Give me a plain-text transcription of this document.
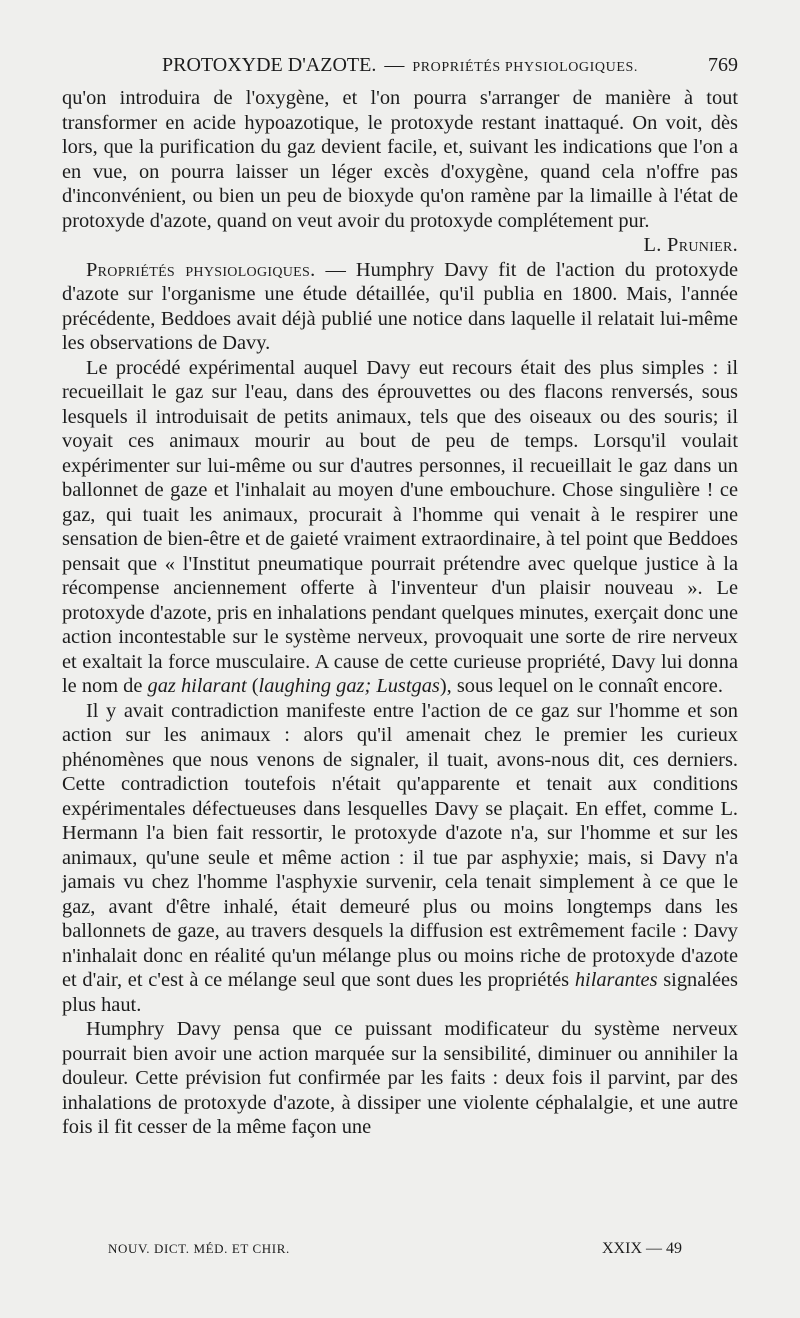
PROTOXYDE D'AZOTE. — PROPRIÉTÉS PHYSIOLOGIQUES.	769

qu'on introduira de l'oxygène, et l'on pourra s'arranger de manière à tout transformer en acide hypoazotique, le protoxyde restant inattaqué. On voit, dès lors, que la purification du gaz devient facile, et, suivant les indications que l'on a en vue, on pourra laisser un léger excès d'oxygène, quand cela n'offre pas d'inconvénient, ou bien un peu de bioxyde qu'on ramène par la limaille à l'état de protoxyde d'azote, quand on veut avoir du protoxyde complétement pur.
L. Prunier.

Propriétés physiologiques. — Humphry Davy fit de l'action du protoxyde d'azote sur l'organisme une étude détaillée, qu'il publia en 1800. Mais, l'année précédente, Beddoes avait déjà publié une notice dans laquelle il relatait lui-même les observations de Davy.

Le procédé expérimental auquel Davy eut recours était des plus simples : il recueillait le gaz sur l'eau, dans des éprouvettes ou des flacons renversés, sous lesquels il introduisait de petits animaux, tels que des oiseaux ou des souris; il voyait ces animaux mourir au bout de peu de temps. Lorsqu'il voulait expérimenter sur lui-même ou sur d'autres personnes, il recueillait le gaz dans un ballonnet de gaze et l'inhalait au moyen d'une embouchure. Chose singulière ! ce gaz, qui tuait les animaux, procurait à l'homme qui venait à le respirer une sensation de bien-être et de gaieté vraiment extraordinaire, à tel point que Beddoes pensait que « l'Institut pneumatique pourrait prétendre avec quelque justice à la récompense anciennement offerte à l'inventeur d'un plaisir nouveau ». Le protoxyde d'azote, pris en inhalations pendant quelques minutes, exerçait donc une action incontestable sur le système nerveux, provoquait une sorte de rire nerveux et exaltait la force musculaire. A cause de cette curieuse propriété, Davy lui donna le nom de gaz hilarant (laughing gaz; Lustgas), sous lequel on le connaît encore.

Il y avait contradiction manifeste entre l'action de ce gaz sur l'homme et son action sur les animaux : alors qu'il amenait chez le premier les curieux phénomènes que nous venons de signaler, il tuait, avons-nous dit, ces derniers. Cette contradiction toutefois n'était qu'apparente et tenait aux conditions expérimentales défectueuses dans lesquelles Davy se plaçait. En effet, comme L. Hermann l'a bien fait ressortir, le protoxyde d'azote n'a, sur l'homme et sur les animaux, qu'une seule et même action : il tue par asphyxie; mais, si Davy n'a jamais vu chez l'homme l'asphyxie survenir, cela tenait simplement à ce que le gaz, avant d'être inhalé, était demeuré plus ou moins longtemps dans les ballonnets de gaze, au travers desquels la diffusion est extrêmement facile : Davy n'inhalait donc en réalité qu'un mélange plus ou moins riche de protoxyde d'azote et d'air, et c'est à ce mélange seul que sont dues les propriétés hilarantes signalées plus haut.

Humphry Davy pensa que ce puissant modificateur du système nerveux pourrait bien avoir une action marquée sur la sensibilité, diminuer ou annihiler la douleur. Cette prévision fut confirmée par les faits : deux fois il parvint, par des inhalations de protoxyde d'azote, à dissiper une violente céphalalgie, et une autre fois il fit cesser de la même façon une

NOUV. DICT. MÉD. ET CHIR.	XXIX — 49
